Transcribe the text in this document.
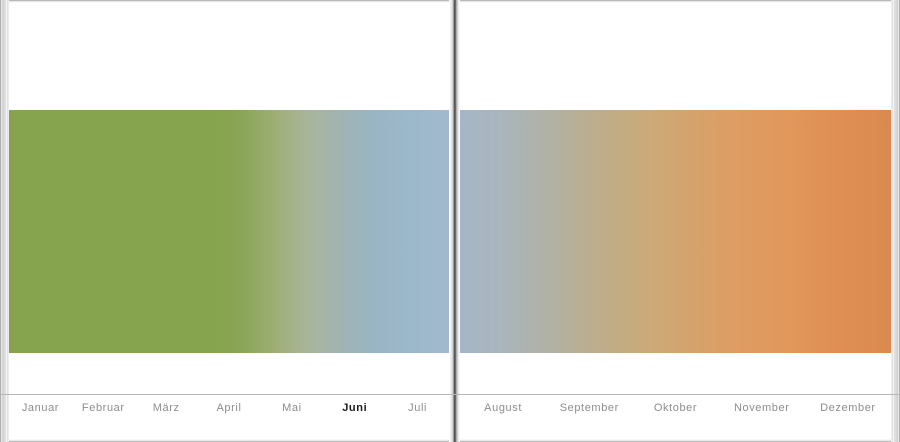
Januar	Februar	März	April	Mai	Juni	Juli	August	September	Oktober	November	Dezember
